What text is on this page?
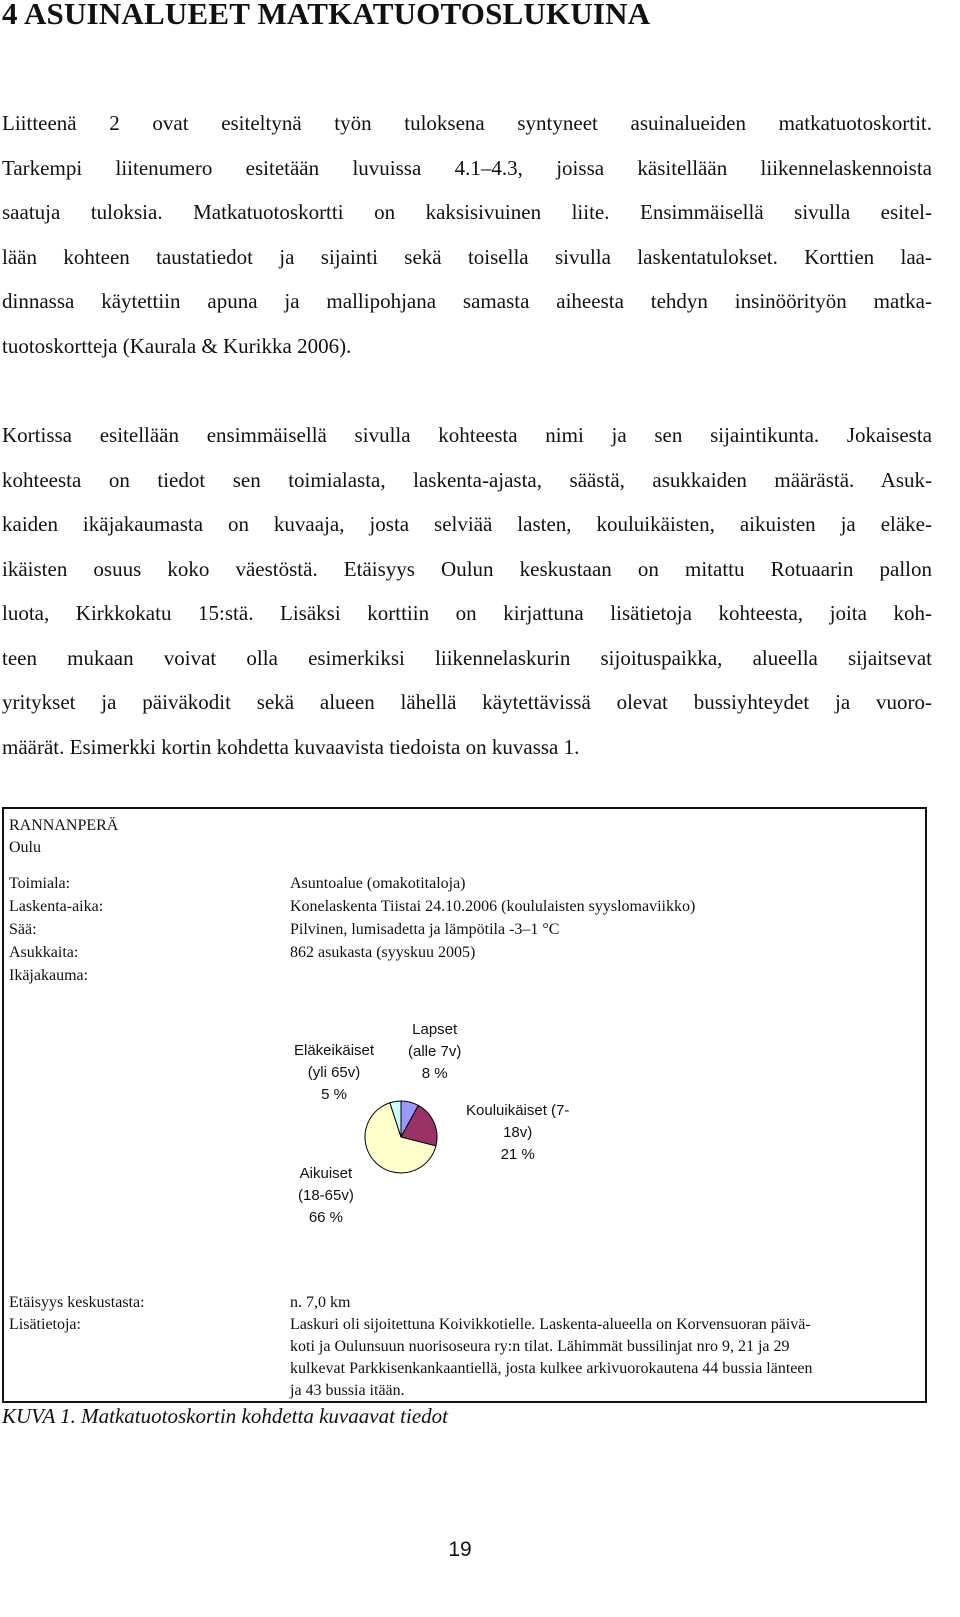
4 ASUINALUEET MATKATUOTOSLUKUINA
Liitteenä 2 ovat esiteltynä työn tuloksena syntyneet asuinalueiden matkatuotoskortit.
Tarkempi liitenumero esitetään luvuissa 4.1–4.3, joissa käsitellään liikennelaskennoista
saatuja tuloksia. Matkatuotoskortti on kaksisivuinen liite. Ensimmäisellä sivulla esitel-
lään kohteen taustatiedot ja sijainti sekä toisella sivulla laskentatulokset. Korttien laa-
dinnassa käytettiin apuna ja mallipohjana samasta aiheesta tehdyn insinöörityön matka-
tuotoskortteja (Kaurala & Kurikka 2006).
Kortissa esitellään ensimmäisellä sivulla kohteesta nimi ja sen sijaintikunta. Jokaisesta
kohteesta on tiedot sen toimialasta, laskenta-ajasta, säästä, asukkaiden määrästä. Asuk-
kaiden ikäjakaumasta on kuvaaja, josta selviää lasten, kouluikäisten, aikuisten ja eläke-
ikäisten osuus koko väestöstä. Etäisyys Oulun keskustaan on mitattu Rotuaarin pallon
luota, Kirkkokatu 15:stä. Lisäksi korttiin on kirjattuna lisätietoja kohteesta, joita koh-
teen mukaan voivat olla esimerkiksi liikennelaskurin sijoituspaikka, alueella sijaitsevat
yritykset ja päiväkodit sekä alueen lähellä käytettävissä olevat bussiyhteydet ja vuoro-
määrät. Esimerkki kortin kohdetta kuvaavista tiedoista on kuvassa 1.
RANNANPERÄ
Oulu
Toimiala:	Asuntoalue (omakotitaloja)
Laskenta-aika:	Konelaskenta Tiistai 24.10.2006 (koululaisten syyslomaviikko)
Sää:	Pilvinen, lumisadetta ja lämpötila -3–1 °C
Asukkaita:	862 asukasta (syyskuu 2005)
Ikäjakauma:
Lapset
(alle 7v)
8 %
Kouluikäiset (7-
18v)
21 %
Aikuiset
(18-65v)
66 %
Eläkeikäiset
(yli 65v)
5 %
Etäisyys keskustasta:	n. 7,0 km
Lisätietoja:	Laskuri oli sijoitettuna Koivikkotielle. Laskenta-alueella on Korvensuoran päivä-
koti ja Oulunsuun nuorisoseura ry:n tilat. Lähimmät bussilinjat nro 9, 21 ja 29
kulkevat Parkkisenkankaantiellä, josta kulkee arkivuorokautena 44 bussia länteen
ja 43 bussia itään.

KUVA 1. Matkatuotoskortin kohdetta kuvaavat tiedot

19
